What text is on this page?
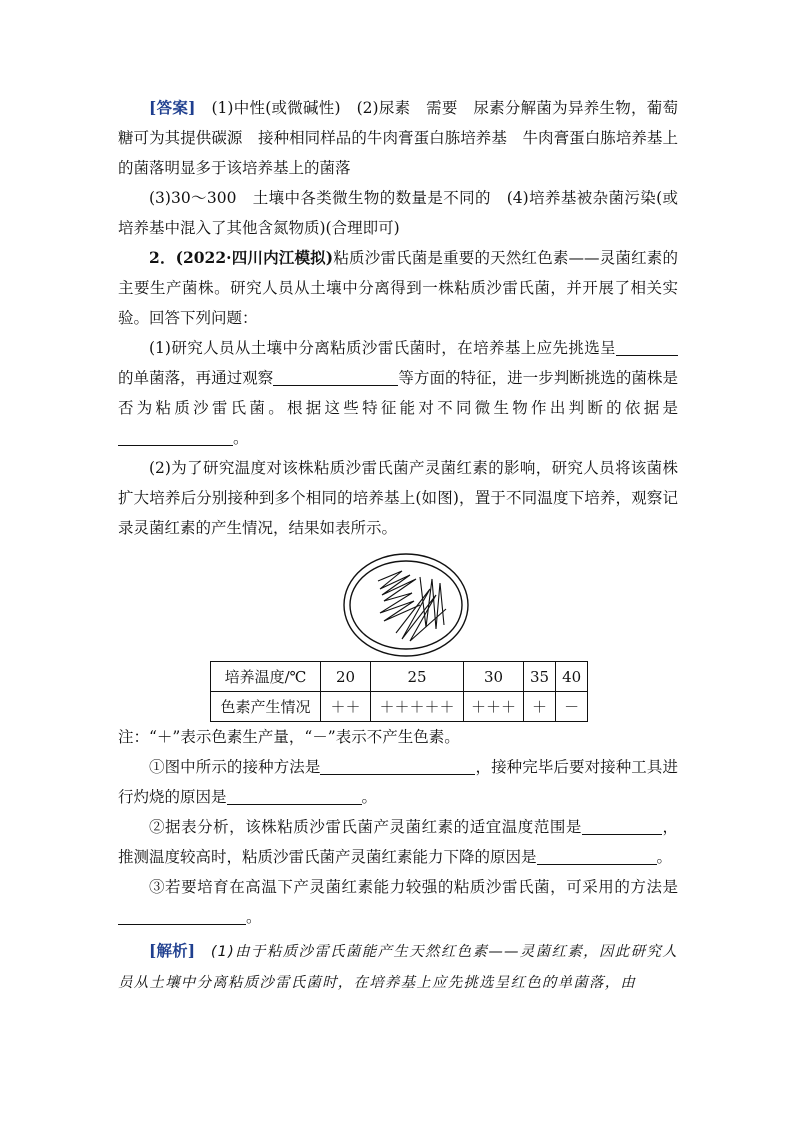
[答案]　 (1)中性(或微碱性)　(2)尿素　需要　尿素分解菌为异养生物，葡萄糖可为其提供碳源　接种相同样品的牛肉膏蛋白胨培养基　牛肉膏蛋白胨培养基上的菌落明显多于该培养基上的菌落

(3)30～300　土壤中各类微生物的数量是不同的　(4)培养基被杂菌污染(或培养基中混入了其他含氮物质)(合理即可)

2．(2022·四川内江模拟)粘质沙雷氏菌是重要的天然红色素——灵菌红素的主要生产菌株。研究人员从土壤中分离得到一株粘质沙雷氏菌，并开展了相关实验。回答下列问题：

(1)研究人员从土壤中分离粘质沙雷氏菌时，在培养基上应先挑选呈的单菌落，再通过观察	等方面的特征，进一步判断挑选的菌株是否为粘质沙雷氏菌。根据这些特征能对不同微生物作出判断的依据是。

(2)为了研究温度对该株粘质沙雷氏菌产灵菌红素的影响，研究人员将该菌株扩大培养后分别接种到多个相同的培养基上(如图)，置于不同温度下培养，观察记录灵菌红素的产生情况，结果如表所示。

培养温度/℃	20	25	30	35	40
色素产生情况	＋＋	＋＋＋＋＋	＋＋＋	＋	－

注：“＋”表示色素生产量，“－”表示不产生色素。

①图中所示的接种方法是	，接种完毕后要对接种工具进行灼烧的原因是	。

②据表分析，该株粘质沙雷氏菌产灵菌红素的适宜温度范围是	，推测温度较高时，粘质沙雷氏菌产灵菌红素能力下降的原因是	。

③若要培育在高温下产灵菌红素能力较强的粘质沙雷氏菌，可采用的方法是。

[解析]　 (1)由于粘质沙雷氏菌能产生天然红色素——灵菌红素，因此研究人员从土壤中分离粘质沙雷氏菌时，在培养基上应先挑选呈红色的单菌落，由
